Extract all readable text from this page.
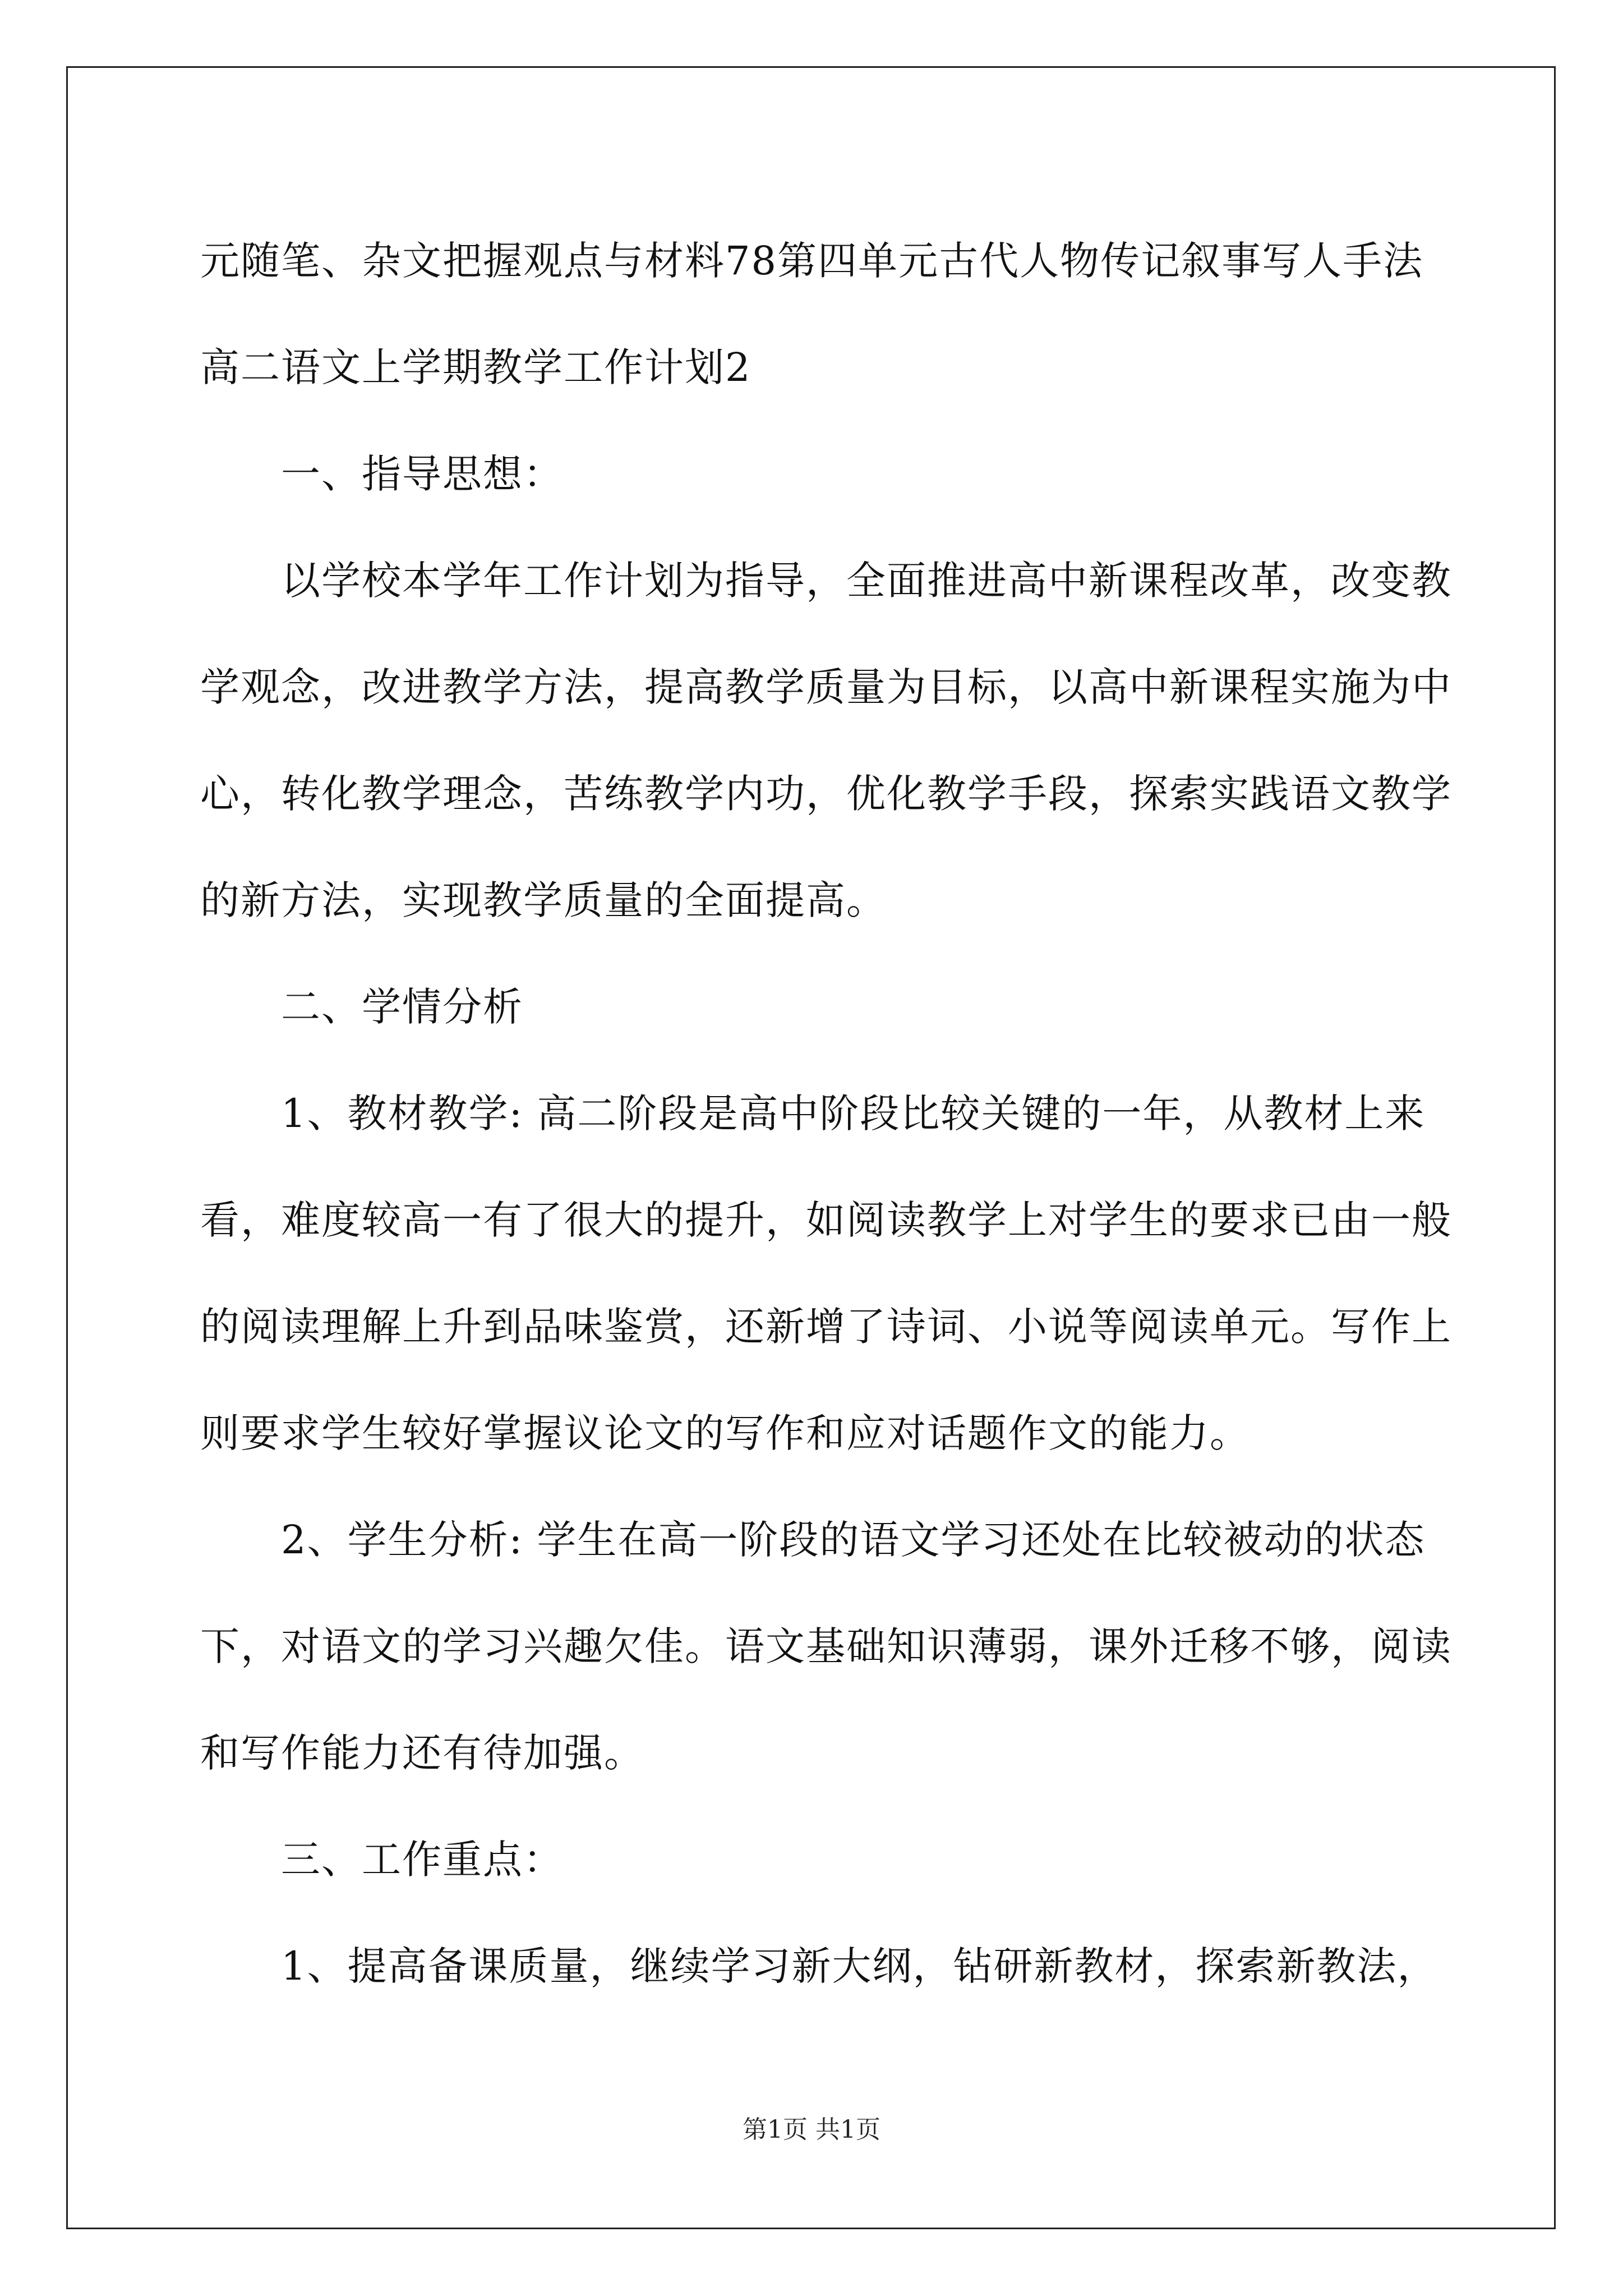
元随笔、杂文把握观点与材料78第四单元古代人物传记叙事写人手法

高二语文上学期教学工作计划2

一、指导思想：

以学校本学年工作计划为指导，全面推进高中新课程改革，改变教学观念，改进教学方法，提高教学质量为目标，以高中新课程实施为中心，转化教学理念，苦练教学内功，优化教学手段，探索实践语文教学的新方法，实现教学质量的全面提高。

二、学情分析

1、教材教学: 高二阶段是高中阶段比较关键的一年，从教材上来看，难度较高一有了很大的提升，如阅读教学上对学生的要求已由一般的阅读理解上升到品味鉴赏，还新增了诗词、小说等阅读单元。写作上则要求学生较好掌握议论文的写作和应对话题作文的能力。

2、学生分析: 学生在高一阶段的语文学习还处在比较被动的状态下，对语文的学习兴趣欠佳。语文基础知识薄弱，课外迁移不够，阅读和写作能力还有待加强。

三、工作重点：

1、提高备课质量，继续学习新大纲，钻研新教材，探索新教法，

第1页 共1页
